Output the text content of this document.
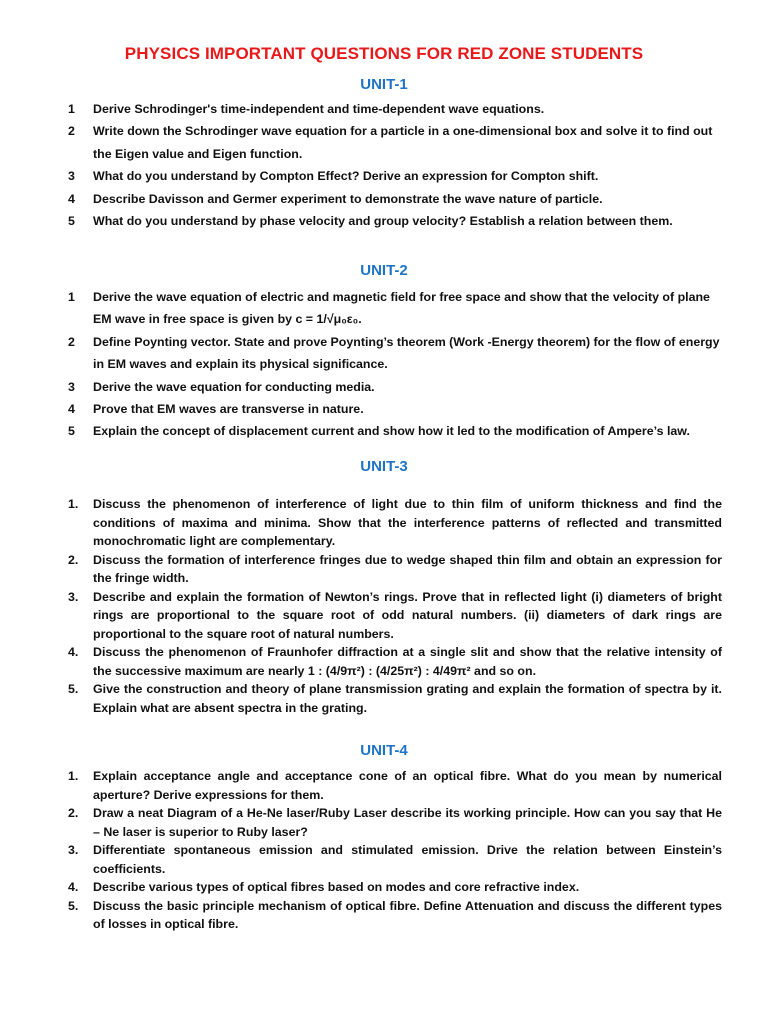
PHYSICS IMPORTANT QUESTIONS FOR RED ZONE STUDENTS
UNIT-1
1	Derive Schrodinger's time-independent and time-dependent wave equations.
2	Write down the Schrodinger wave equation for a particle in a one-dimensional box and solve it to find out the Eigen value and Eigen function.
3	What do you understand by Compton Effect? Derive an expression for Compton shift.
4	Describe Davisson and Germer experiment to demonstrate the wave nature of particle.
5	What do you understand by phase velocity and group velocity? Establish a relation between them.
UNIT-2
1	Derive the wave equation of electric and magnetic field for free space and show that the velocity of plane EM wave in free space is given by c = 1/√μ₀ε₀.
2	Define Poynting vector. State and prove Poynting’s theorem (Work -Energy theorem) for the flow of energy in EM waves and explain its physical significance.
3	Derive the wave equation for conducting media.
4	Prove that EM waves are transverse in nature.
5	Explain the concept of displacement current and show how it led to the modification of Ampere’s law.
UNIT-3
1.	Discuss the phenomenon of interference of light due to thin film of uniform thickness and find the conditions of maxima and minima. Show that the interference patterns of reflected and transmitted monochromatic light are complementary.
2.	Discuss the formation of interference fringes due to wedge shaped thin film and obtain an expression for the fringe width.
3.	Describe and explain the formation of Newton’s rings. Prove that in reflected light (i) diameters of bright rings are proportional to the square root of odd natural numbers. (ii) diameters of dark rings are proportional to the square root of natural numbers.
4.	Discuss the phenomenon of Fraunhofer diffraction at a single slit and show that the relative intensity of the successive maximum are nearly 1 : (4/9π²) : (4/25π²) : 4/49π² and so on.
5.	Give the construction and theory of plane transmission grating and explain the formation of spectra by it. Explain what are absent spectra in the grating.
UNIT-4
1.	Explain acceptance angle and acceptance cone of an optical fibre. What do you mean by numerical aperture? Derive expressions for them.
2.	Draw a neat Diagram of a He-Ne laser/Ruby Laser describe its working principle. How can you say that He – Ne laser is superior to Ruby laser?
3.	Differentiate spontaneous emission and stimulated emission. Drive the relation between Einstein’s coefficients.
4.	Describe various types of optical fibres based on modes and core refractive index.
5.	Discuss the basic principle mechanism of optical fibre. Define Attenuation and discuss the different types of losses in optical fibre.
